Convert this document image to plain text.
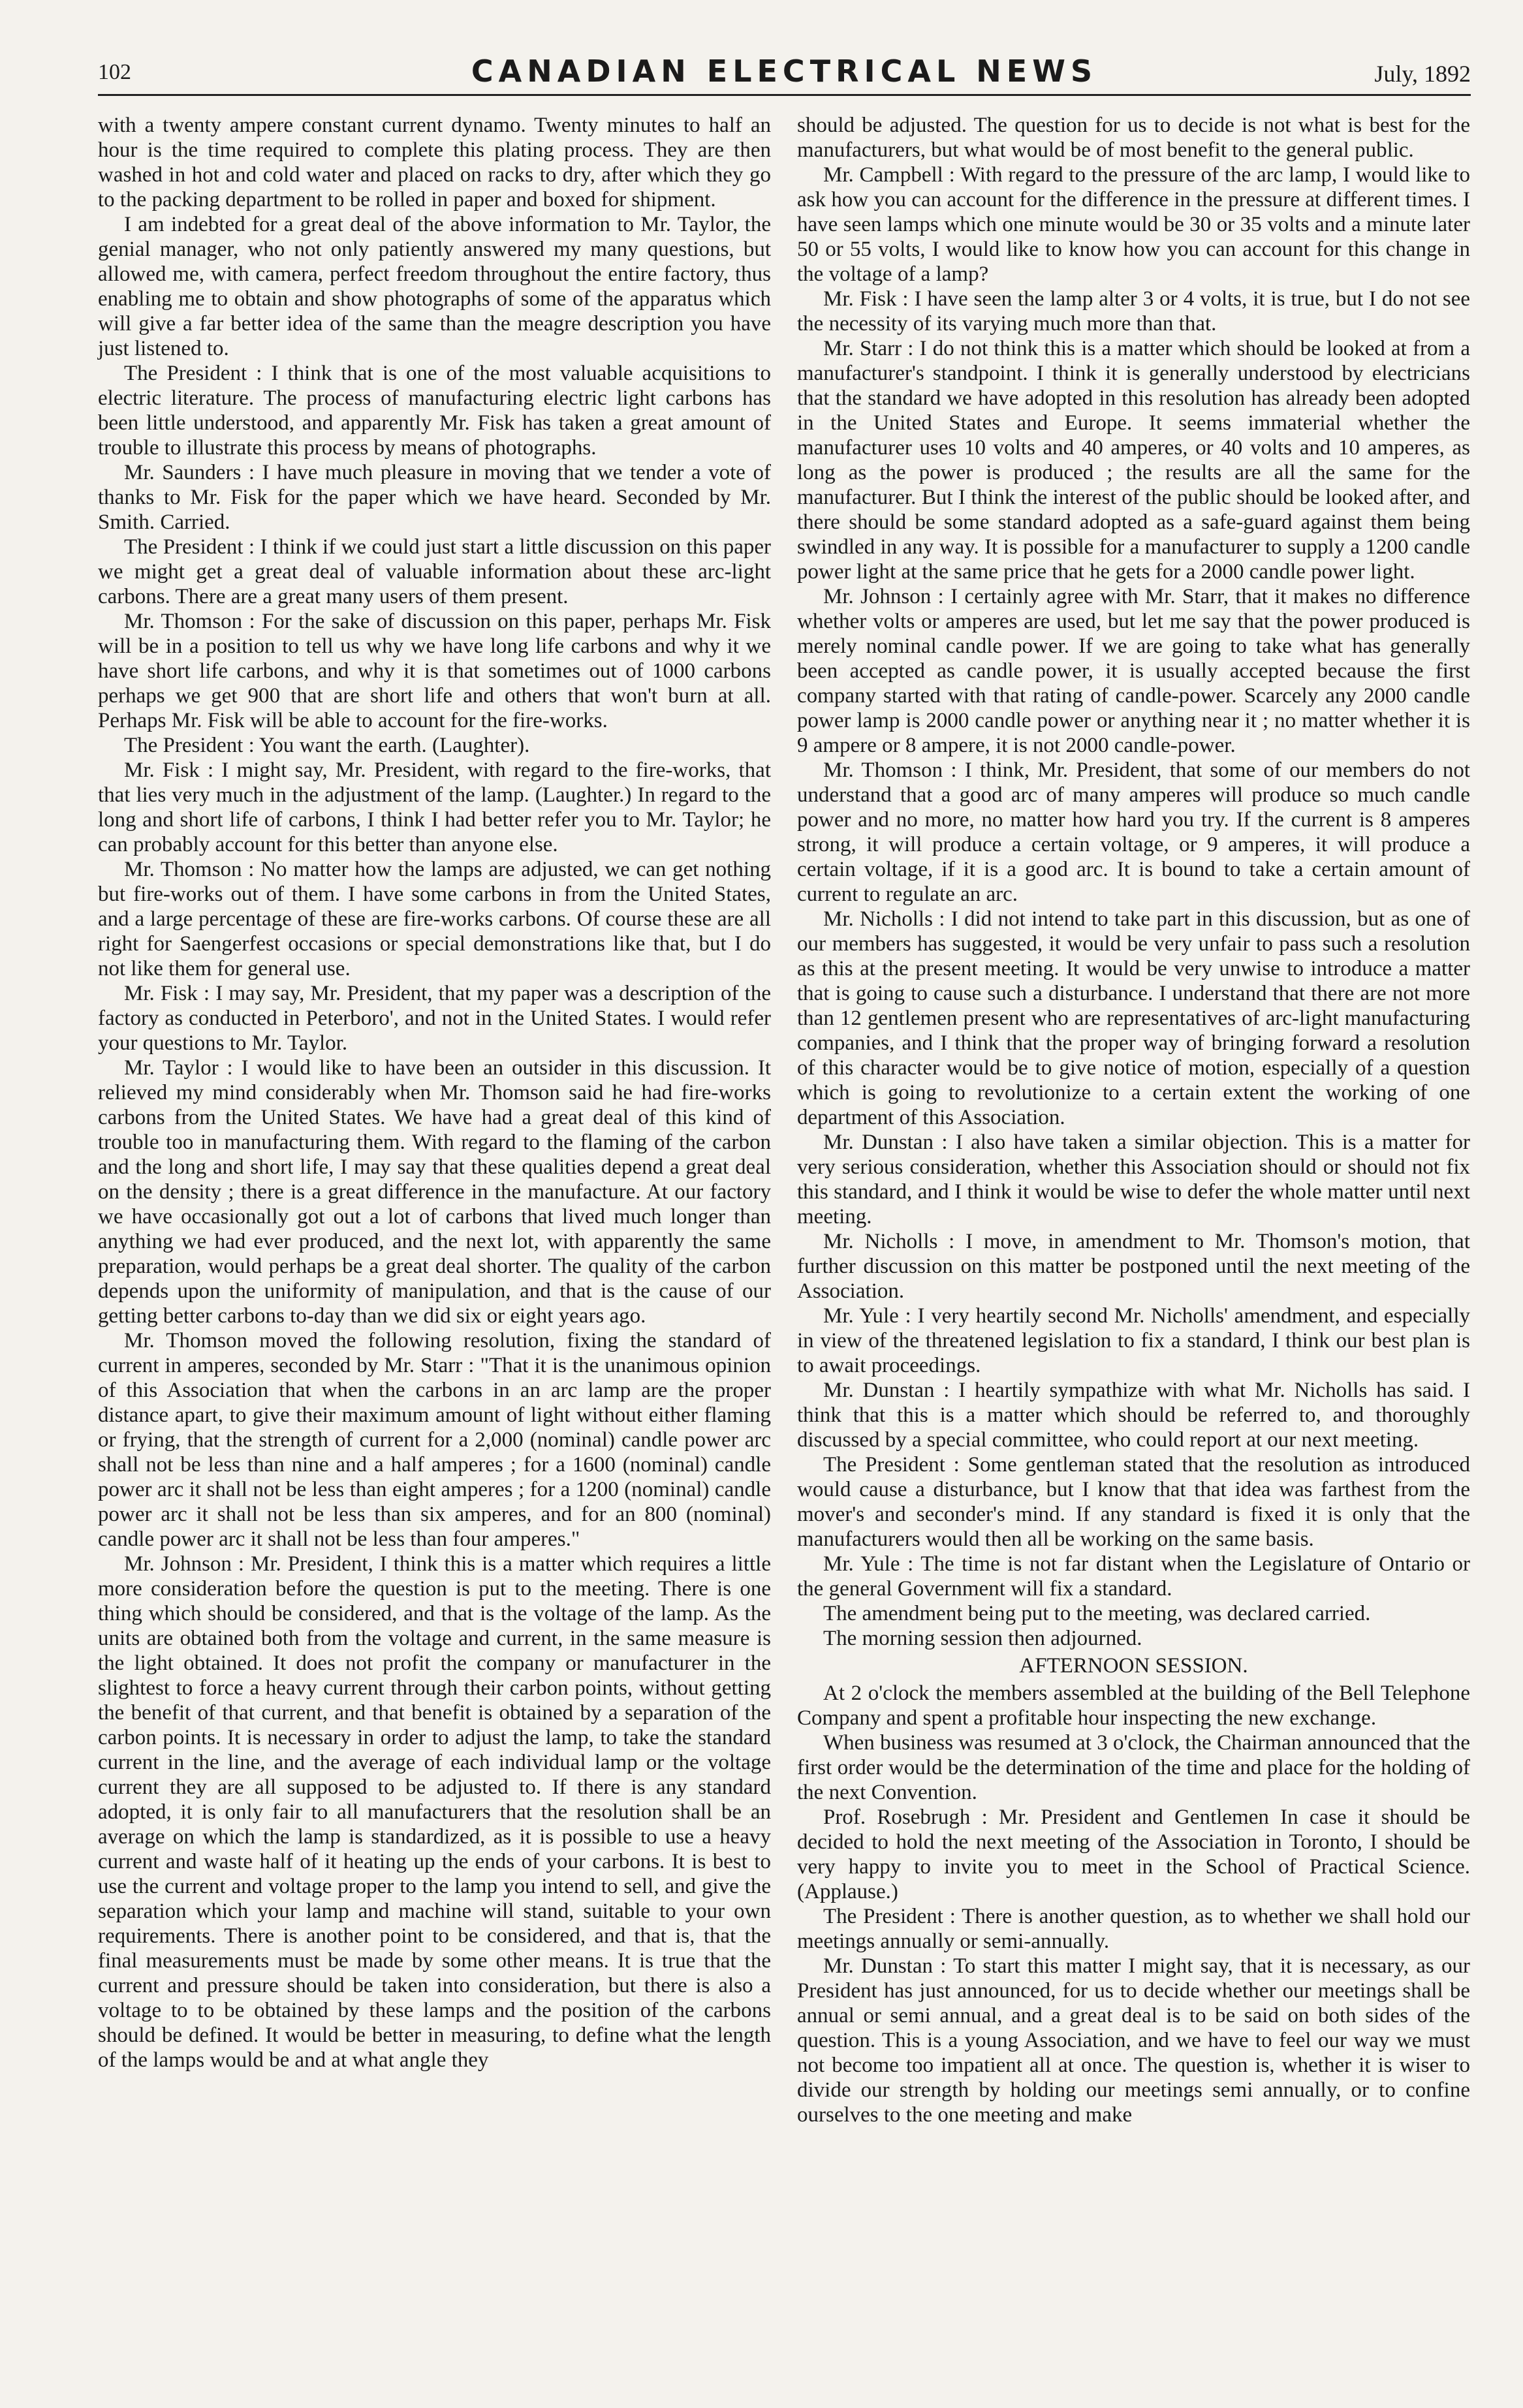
102	CANADIAN ELECTRICAL NEWS	July, 1892

with a twenty ampere constant current dynamo. Twenty minutes to half an hour is the time required to complete this plating process. They are then washed in hot and cold water and placed on racks to dry, after which they go to the packing department to be rolled in paper and boxed for shipment.

I am indebted for a great deal of the above information to Mr. Taylor, the genial manager, who not only patiently answered my many questions, but allowed me, with camera, perfect freedom throughout the entire factory, thus enabling me to obtain and show photographs of some of the apparatus which will give a far better idea of the same than the meagre description you have just listened to.

The President : I think that is one of the most valuable acquisitions to electric literature. The process of manufacturing electric light carbons has been little understood, and apparently Mr. Fisk has taken a great amount of trouble to illustrate this process by means of photographs.

Mr. Saunders : I have much pleasure in moving that we tender a vote of thanks to Mr. Fisk for the paper which we have heard. Seconded by Mr. Smith. Carried.

The President : I think if we could just start a little discussion on this paper we might get a great deal of valuable information about these arc-light carbons. There are a great many users of them present.

Mr. Thomson : For the sake of discussion on this paper, perhaps Mr. Fisk will be in a position to tell us why we have long life carbons and why it we have short life carbons, and why it is that sometimes out of 1000 carbons perhaps we get 900 that are short life and others that won't burn at all. Perhaps Mr. Fisk will be able to account for the fire-works.

The President : You want the earth. (Laughter).

Mr. Fisk : I might say, Mr. President, with regard to the fire-works, that that lies very much in the adjustment of the lamp. (Laughter.) In regard to the long and short life of carbons, I think I had better refer you to Mr. Taylor; he can probably account for this better than anyone else.

Mr. Thomson : No matter how the lamps are adjusted, we can get nothing but fire-works out of them. I have some carbons in from the United States, and a large percentage of these are fire-works carbons. Of course these are all right for Saengerfest occasions or special demonstrations like that, but I do not like them for general use.

Mr. Fisk : I may say, Mr. President, that my paper was a description of the factory as conducted in Peterboro', and not in the United States. I would refer your questions to Mr. Taylor.

Mr. Taylor : I would like to have been an outsider in this discussion. It relieved my mind considerably when Mr. Thomson said he had fire-works carbons from the United States. We have had a great deal of this kind of trouble too in manufacturing them. With regard to the flaming of the carbon and the long and short life, I may say that these qualities depend a great deal on the density ; there is a great difference in the manufacture. At our factory we have occasionally got out a lot of carbons that lived much longer than anything we had ever produced, and the next lot, with apparently the same preparation, would perhaps be a great deal shorter. The quality of the carbon depends upon the uniformity of manipulation, and that is the cause of our getting better carbons to-day than we did six or eight years ago.

Mr. Thomson moved the following resolution, fixing the standard of current in amperes, seconded by Mr. Starr : "That it is the unanimous opinion of this Association that when the carbons in an arc lamp are the proper distance apart, to give their maximum amount of light without either flaming or frying, that the strength of current for a 2,000 (nominal) candle power arc shall not be less than nine and a half amperes ; for a 1600 (nominal) candle power arc it shall not be less than eight amperes ; for a 1200 (nominal) candle power arc it shall not be less than six amperes, and for an 800 (nominal) candle power arc it shall not be less than four amperes."

Mr. Johnson : Mr. President, I think this is a matter which requires a little more consideration before the question is put to the meeting. There is one thing which should be considered, and that is the voltage of the lamp. As the units are obtained both from the voltage and current, in the same measure is the light obtained. It does not profit the company or manufacturer in the slightest to force a heavy current through their carbon points, without getting the benefit of that current, and that benefit is obtained by a separation of the carbon points. It is necessary in order to adjust the lamp, to take the standard current in the line, and the average of each individual lamp or the voltage current they are all supposed to be adjusted to. If there is any standard adopted, it is only fair to all manufacturers that the resolution shall be an average on which the lamp is standardized, as it is possible to use a heavy current and waste half of it heating up the ends of your carbons. It is best to use the current and voltage proper to the lamp you intend to sell, and give the separation which your lamp and machine will stand, suitable to your own requirements. There is another point to be considered, and that is, that the final measurements must be made by some other means. It is true that the current and pressure should be taken into consideration, but there is also a voltage to to be obtained by these lamps and the position of the carbons should be defined. It would be better in measuring, to define what the length of the lamps would be and at what angle they

should be adjusted. The question for us to decide is not what is best for the manufacturers, but what would be of most benefit to the general public.

Mr. Campbell : With regard to the pressure of the arc lamp, I would like to ask how you can account for the difference in the pressure at different times. I have seen lamps which one minute would be 30 or 35 volts and a minute later 50 or 55 volts, I would like to know how you can account for this change in the voltage of a lamp?

Mr. Fisk : I have seen the lamp alter 3 or 4 volts, it is true, but I do not see the necessity of its varying much more than that.

Mr. Starr : I do not think this is a matter which should be looked at from a manufacturer's standpoint. I think it is generally understood by electricians that the standard we have adopted in this resolution has already been adopted in the United States and Europe. It seems immaterial whether the manufacturer uses 10 volts and 40 amperes, or 40 volts and 10 amperes, as long as the power is produced ; the results are all the same for the manufacturer. But I think the interest of the public should be looked after, and there should be some standard adopted as a safe-guard against them being swindled in any way. It is possible for a manufacturer to supply a 1200 candle power light at the same price that he gets for a 2000 candle power light.

Mr. Johnson : I certainly agree with Mr. Starr, that it makes no difference whether volts or amperes are used, but let me say that the power produced is merely nominal candle power. If we are going to take what has generally been accepted as candle power, it is usually accepted because the first company started with that rating of candle-power. Scarcely any 2000 candle power lamp is 2000 candle power or anything near it ; no matter whether it is 9 ampere or 8 ampere, it is not 2000 candle-power.

Mr. Thomson : I think, Mr. President, that some of our members do not understand that a good arc of many amperes will produce so much candle power and no more, no matter how hard you try. If the current is 8 amperes strong, it will produce a certain voltage, or 9 amperes, it will produce a certain voltage, if it is a good arc. It is bound to take a certain amount of current to regulate an arc.

Mr. Nicholls : I did not intend to take part in this discussion, but as one of our members has suggested, it would be very unfair to pass such a resolution as this at the present meeting. It would be very unwise to introduce a matter that is going to cause such a disturbance. I understand that there are not more than 12 gentlemen present who are representatives of arc-light manufacturing companies, and I think that the proper way of bringing forward a resolution of this character would be to give notice of motion, especially of a question which is going to revolutionize to a certain extent the working of one department of this Association.

Mr. Dunstan : I also have taken a similar objection. This is a matter for very serious consideration, whether this Association should or should not fix this standard, and I think it would be wise to defer the whole matter until next meeting.

Mr. Nicholls : I move, in amendment to Mr. Thomson's motion, that further discussion on this matter be postponed until the next meeting of the Association.

Mr. Yule : I very heartily second Mr. Nicholls' amendment, and especially in view of the threatened legislation to fix a standard, I think our best plan is to await proceedings.

Mr. Dunstan : I heartily sympathize with what Mr. Nicholls has said. I think that this is a matter which should be referred to, and thoroughly discussed by a special committee, who could report at our next meeting.

The President : Some gentleman stated that the resolution as introduced would cause a disturbance, but I know that that idea was farthest from the mover's and seconder's mind. If any standard is fixed it is only that the manufacturers would then all be working on the same basis.

Mr. Yule : The time is not far distant when the Legislature of Ontario or the general Government will fix a standard.

The amendment being put to the meeting, was declared carried.

The morning session then adjourned.

AFTERNOON SESSION.

At 2 o'clock the members assembled at the building of the Bell Telephone Company and spent a profitable hour inspecting the new exchange.

When business was resumed at 3 o'clock, the Chairman announced that the first order would be the determination of the time and place for the holding of the next Convention.

Prof. Rosebrugh : Mr. President and Gentlemen In case it should be decided to hold the next meeting of the Association in Toronto, I should be very happy to invite you to meet in the School of Practical Science. (Applause.)

The President : There is another question, as to whether we shall hold our meetings annually or semi-annually.

Mr. Dunstan : To start this matter I might say, that it is necessary, as our President has just announced, for us to decide whether our meetings shall be annual or semi annual, and a great deal is to be said on both sides of the question. This is a young Association, and we have to feel our way we must not become too impatient all at once. The question is, whether it is wiser to divide our strength by holding our meetings semi annually, or to confine ourselves to the one meeting and make
